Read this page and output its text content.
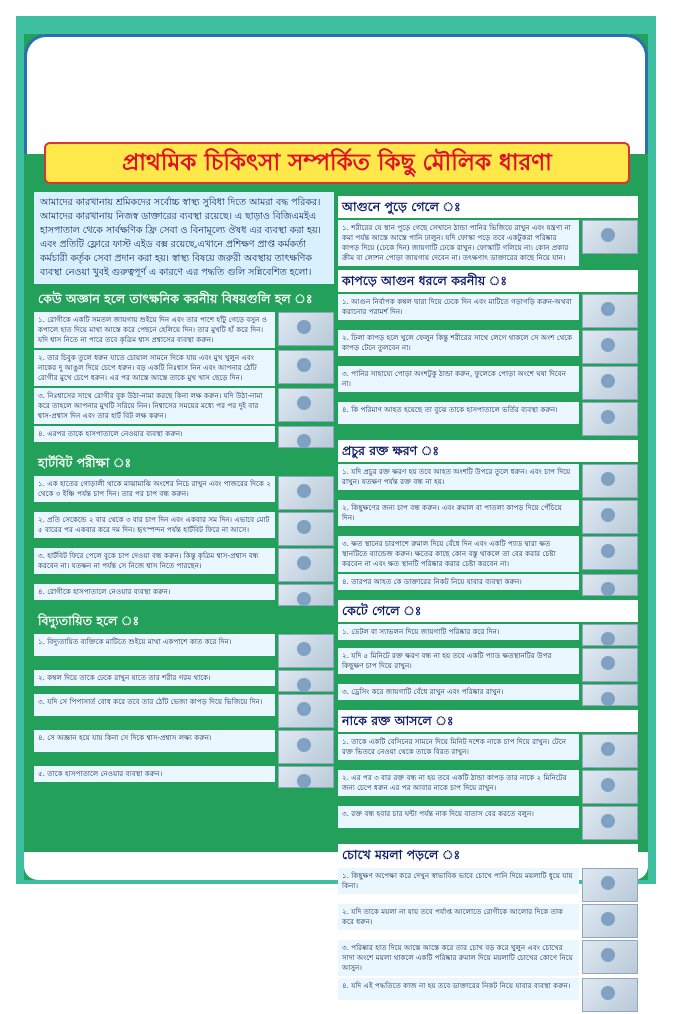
প্রাথমিক চিকিৎসা সম্পর্কিত কিছু মৌলিক ধারণা
আমাদের কারখানায় শ্রমিকদের সর্বোচ্চ স্বাস্থ্য সুবিধা দিতে আমরা বদ্ধ পরিকর। আমাদের কারখানায় নিজস্ব ডাক্তারের ব্যবস্থা রয়েছে। এ ছাড়াও বিজিএমইএ হাসপাতাল থেকে সার্বক্ষণিক ফ্রি সেবা ও বিনামূল্যে ঔষধ এর ব্যবস্থা করা হয়। এবং প্রতিটি ফ্লোরে ফাস্ট এইড বক্স রয়েছে,এখানে প্রশিক্ষণ প্রাপ্ত কর্মকর্তা কর্মচারী কর্তৃক সেবা প্রদান করা হয়। স্বাস্থ্য বিষয়ে জরুরী অবস্থায় তাৎক্ষণিক ব্যবস্থা নেওয়া খুবই গুরুত্বপূর্ণ এ কারণে এর পদ্ধতি গুলি সন্নিবেশিত হলো।
কেউ অজ্ঞান হলে তাৎক্ষনিক করনীয় বিষয়গুলি হল ঃ
১. রোগীকে একটি সমতল জায়গায় শুইয়ে দিন এবং তার পাশে হাঁটু গেড়ে বসুন ও কপালে হাত দিয়ে মাথা আস্তে করে পেছনে হেলিয়ে দিন। তার মুখটি হাঁ করে দিন। যদি শ্বাস নিতে না পারে তবে কৃত্রিম শ্বাস প্রশ্বাসের ব্যবস্থা করুন।
২. তার চিবুক তুলে ধরুন যাতে চোয়াল সামনে দিকে যায় এবং মুখ খুলুন এবং নাকের দু আঙুল দিয়ে চেপে ধরুন। বড় একটি নিঃশ্বাস নিন এবং আপনার ঠোঁট রোগীর মুখে চেপে ধরুন। এর পর আস্তে আস্তে তাকে মুখ খাস ছেড়ে দিন।
৩. নিঃশ্বাসের সাথে রোগীর বুক উঠা-নামা করছে কিনা লক্ষ করুন। যদি উঠা-নামা করে তাহলে আপনার মুখটি সরিয়ে নিন। নিশ্বাসের সময়ের মধ্যে পর পর দুই বার শ্বাস-প্রশ্বাস দিন এবং তার হার্ট বিট লক্ষ করুন।
৪. এরপর তাকে হাসপাতালে নেওয়ার ব্যবস্থা করুন।
হার্টবিট পরীক্ষা ঃ
১. এক হাতের গোড়ালী থাকে মাঝামাঝি অংশের নিচে রাখুন এবং পাজরের দিকে ২ থেকে ৩ ইঞ্চি পর্যন্ত চাপ দিন। তার পর চাপ বন্ধ করুন।
২. প্রতি সেকেন্ডে ২ বার থেকে ৩ বার চাপ দিন এবং একবার সম দিন। এভাবে মোট ৫ বারের পর একবার করে দম দিন। হৃৎস্পন্দন পর্যন্ত হার্টবিট ফিরে না আসে।
৩. হার্টবিট ফিরে পেলে বুকে চাপ দেওয়া বন্ধ করুন। কিন্তু কৃত্রিম শ্বাস-প্রশ্বাস বন্ধ করবেন না। যতক্ষন না পর্যন্ত সে নিজে শ্বাস নিতে পারছেন।
৪. রোগীকে হাসপাতালে নেওয়ার ব্যবস্থা করুন।
বিদ্যুতায়িত হলে ঃ
১. বিদ্যুতায়িত ব্যক্তিকে মাটিতে শুইয়ে মাথা একপাশে কাত করে দিন।
২. কম্বল দিয়ে তাকে ঢেকে রাখুন যাতে তার শরীর গরম থাকে।
৩. যদি সে পিপাসার্ত বোধ করে তবে তার ঠোঁট ভেজা কাপড় দিয়ে ভিজিয়ে দিন।
৪. সে অজ্ঞান হয়ে যায় কিনা সে দিকে শ্বাস-প্রশ্বাস লক্ষ্য করুন।
৫. তাকে হাসপাতালে নেওয়ার ব্যবস্থা করুন।
আগুনে পুড়ে গেলে ঃ
১. শরীরের যে স্থান পুড়ে গেছে সেখানে ঠান্ডা পানির ভিজিয়ে রাখুন এবং যন্ত্রণা না কমা পর্যন্ত আস্তে আস্তে পানি ঢালুন। যদি ফোস্কা পড়ে তবে একটুকরা পরিষ্কার কাপড় দিয়ে (ঢেকে দিন) জায়গাটি ঢেকে রাখুন। ফোস্কাটি গলিয়ে না। কোন প্রকার ক্রীম বা লোশন পোড়া জায়গায় দেবেন না। তৎক্ষণাৎ ডাক্তারের কাছে নিয়ে যান।
কাপড়ে আগুন ধরলে করনীয় ঃ
১. আগুন নির্বাপক কম্বল দ্বারা দিয়ে ঢেকে দিন এবং মাটিতে গড়াগড়ি করুন-অথবা করানোর পরামর্শ দিন।
২. ঢিলা কাপড় হলে খুলে ফেলুন কিন্তু শরীরের সাথে লেগে থাকলে সে অংশ থেকে কাপড় টেনে তুলবেন না।
৩. পানির সাহায্যে পোড়া অংশটুকু ঠান্ডা করুন, ফুলেকে পোড়া অংশে ঘষা দিবেন না।
৪. কি পরিমাণ আহত হয়েছে তা বুঝে তাকে হাসপাতালে ভর্তির ব্যবস্থা করুন।
প্রচুর রক্ত ক্ষরণ ঃ
১. যদি প্রচুর রক্ত ক্ষরণ হয় তবে আহত অংশটি উপরে তুলে ধরুন। এবং চাপ দিয়ে রাখুন। যতক্ষণ পর্যন্ত রক্ত বন্ধ না হয়।
২. কিছুক্ষণের জন্য চাপ বন্ধ করুন। এবং রুমাল বা পাতলা কাপড় দিয়ে পেঁচিয়ে দিন।
৩. ক্ষত স্থানের চারপাশে রুমাল দিয়ে বেঁধে দিন এবং একটি প্যাড দ্বারা ক্ষত স্থানটিতে ব্যান্ডেজ করুন। ক্ষতের কাছে কোন বস্তু থাকলে তা বের করার চেষ্টা করবেন না এবং ক্ষত স্থানটি পরিষ্কার করার চেষ্টা করবেন না।
৪. তারপর আহত কে ডাক্তারের নিকট নিয়ে যাবার ব্যবস্থা করুন।
কেটে গেলে ঃ
১. ডেটল বা স্যাভলন দিয়ে জায়গাটি পরিষ্কার করে দিন।
২. যদি ৫ মিনিটে রক্ত ক্ষরণ বন্ধ না হয় তবে একটি প্যাড ক্ষতস্থানটির উপর কিছুক্ষণ চাপ দিয়ে রাখুন।
৩. ড্রেসিং করে জায়গাটি বেঁধে রাখুন এবং পরিষ্কার রাখুন।
নাকে রক্ত আসলে ঃ
১. তাকে একটি বেসিনের সামনে দিয়ে মিনিট দশেক নাকে চাপ দিয়ে রাখুন। টেনে রক্ত ভিতরে নেওয়া থেকে তাকে বিরত রাখুন।
২. এর পর ৩ বার রক্ত বন্ধ না হয় তবে একটি ঠান্ডা কাপড় তার নাকে ২ মিনিটের জন্য চেপে ধরুন এর পর আবার নাকে চাপ দিয়ে রাখুন।
৩. রক্ত বন্ধ হবার চার ঘন্টা পর্যন্ত নাক দিয়ে বাতাস বের করতে বলুন।
চোখে ময়লা পড়লে ঃ
১. কিছুক্ষণ অপেক্ষা করে দেখুন স্বাভাবিক ভাবে চোখে পানি দিয়ে ময়লাটি ধুয়ে যায় কিনা।
২. যদি তাকে ময়লা না যায় তবে পর্যাপ্ত আলোতে রোগীকে আলোর দিকে তাক করে ধরুন।
৩. পরিষ্কার হাত দিয়ে আস্তে আস্তে করে তার চোখ বড় করে খুলুন এবং চোখের সাদা অংশে ময়লা থাকলে একটি পরিষ্কার রুমাল দিয়ে ময়লাটি চোখের কোণে নিয়ে আসুন।
৪. যদি এই পদ্ধতিতে কাজ না হয় তবে ডাক্তারের নিকট নিয়ে যাবার ব্যবস্থা করুন।
